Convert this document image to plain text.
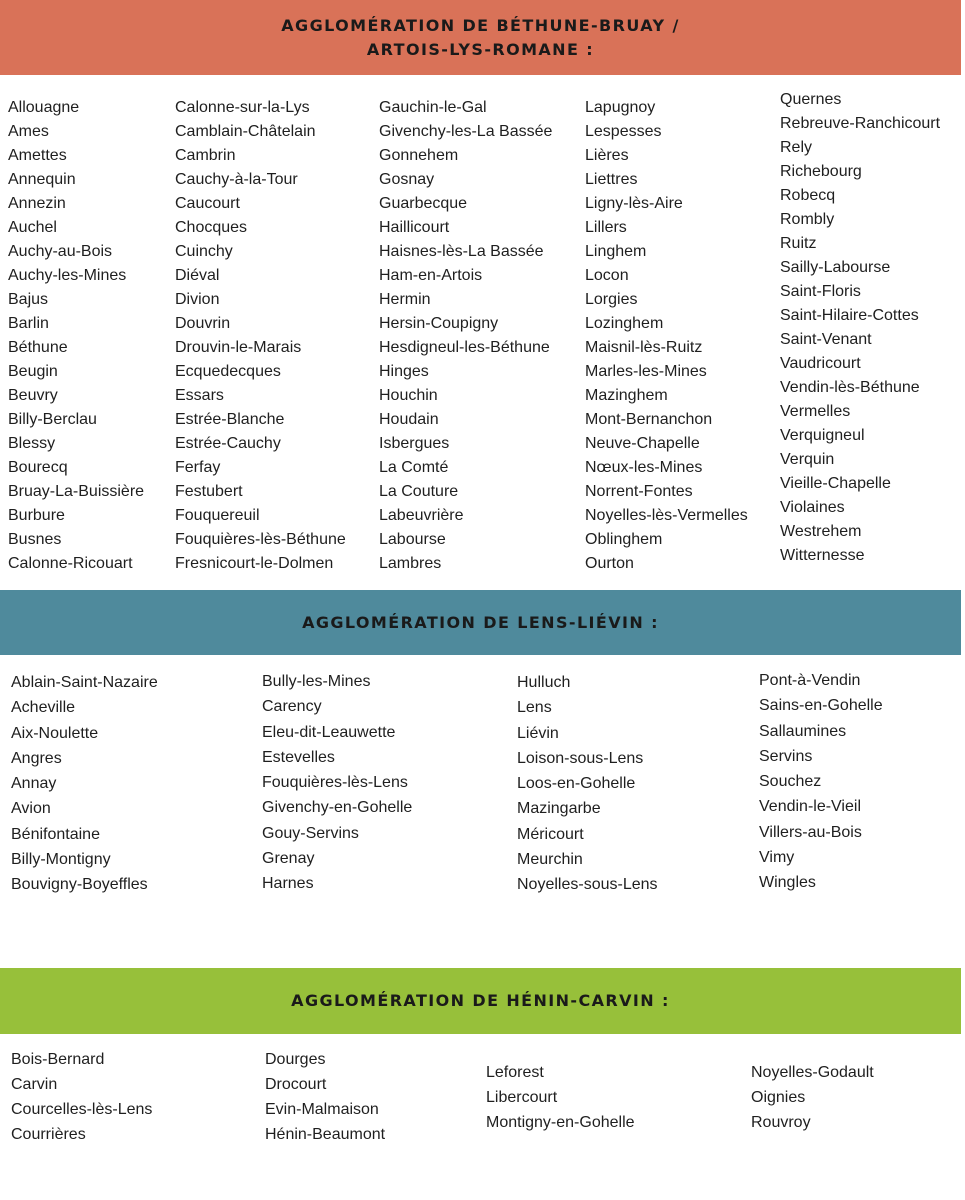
AGGLOMÉRATION DE BÉTHUNE-BRUAY /
ARTOIS-LYS-ROMANE :
Allouagne
Ames
Amettes
Annequin
Annezin
Auchel
Auchy-au-Bois
Auchy-les-Mines
Bajus
Barlin
Béthune
Beugin
Beuvry
Billy-Berclau
Blessy
Bourecq
Bruay-La-Buissière
Burbure
Busnes
Calonne-Ricouart
Calonne-sur-la-Lys
Camblain-Châtelain
Cambrin
Cauchy-à-la-Tour
Caucourt
Chocques
Cuinchy
Diéval
Divion
Douvrin
Drouvin-le-Marais
Ecquedecques
Essars
Estrée-Blanche
Estrée-Cauchy
Ferfay
Festubert
Fouquereuil
Fouquières-lès-Béthune
Fresnicourt-le-Dolmen
Gauchin-le-Gal
Givenchy-les-La Bassée
Gonnehem
Gosnay
Guarbecque
Haillicourt
Haisnes-lès-La Bassée
Ham-en-Artois
Hermin
Hersin-Coupigny
Hesdigneul-les-Béthune
Hinges
Houchin
Houdain
Isbergues
La Comté
La Couture
Labeuvrière
Labourse
Lambres
Lapugnoy
Lespesses
Lières
Liettres
Ligny-lès-Aire
Lillers
Linghem
Locon
Lorgies
Lozinghem
Maisnil-lès-Ruitz
Marles-les-Mines
Mazinghem
Mont-Bernanchon
Neuve-Chapelle
Nœux-les-Mines
Norrent-Fontes
Noyelles-lès-Vermelles
Oblinghem
Ourton
Quernes
Rebreuve-Ranchicourt
Rely
Richebourg
Robecq
Rombly
Ruitz
Sailly-Labourse
Saint-Floris
Saint-Hilaire-Cottes
Saint-Venant
Vaudricourt
Vendin-lès-Béthune
Vermelles
Verquigneul
Verquin
Vieille-Chapelle
Violaines
Westrehem
Witternesse
AGGLOMÉRATION DE LENS-LIÉVIN :
Ablain-Saint-Nazaire
Acheville
Aix-Noulette
Angres
Annay
Avion
Bénifontaine
Billy-Montigny
Bouvigny-Boyeffles
Bully-les-Mines
Carency
Eleu-dit-Leauwette
Estevelles
Fouquières-lès-Lens
Givenchy-en-Gohelle
Gouy-Servins
Grenay
Harnes
Hulluch
Lens
Liévin
Loison-sous-Lens
Loos-en-Gohelle
Mazingarbe
Méricourt
Meurchin
Noyelles-sous-Lens
Pont-à-Vendin
Sains-en-Gohelle
Sallaumines
Servins
Souchez
Vendin-le-Vieil
Villers-au-Bois
Vimy
Wingles
AGGLOMÉRATION DE HÉNIN-CARVIN :
Bois-Bernard
Carvin
Courcelles-lès-Lens
Courrières
Dourges
Drocourt
Evin-Malmaison
Hénin-Beaumont
Leforest
Libercourt
Montigny-en-Gohelle
Noyelles-Godault
Oignies
Rouvroy
